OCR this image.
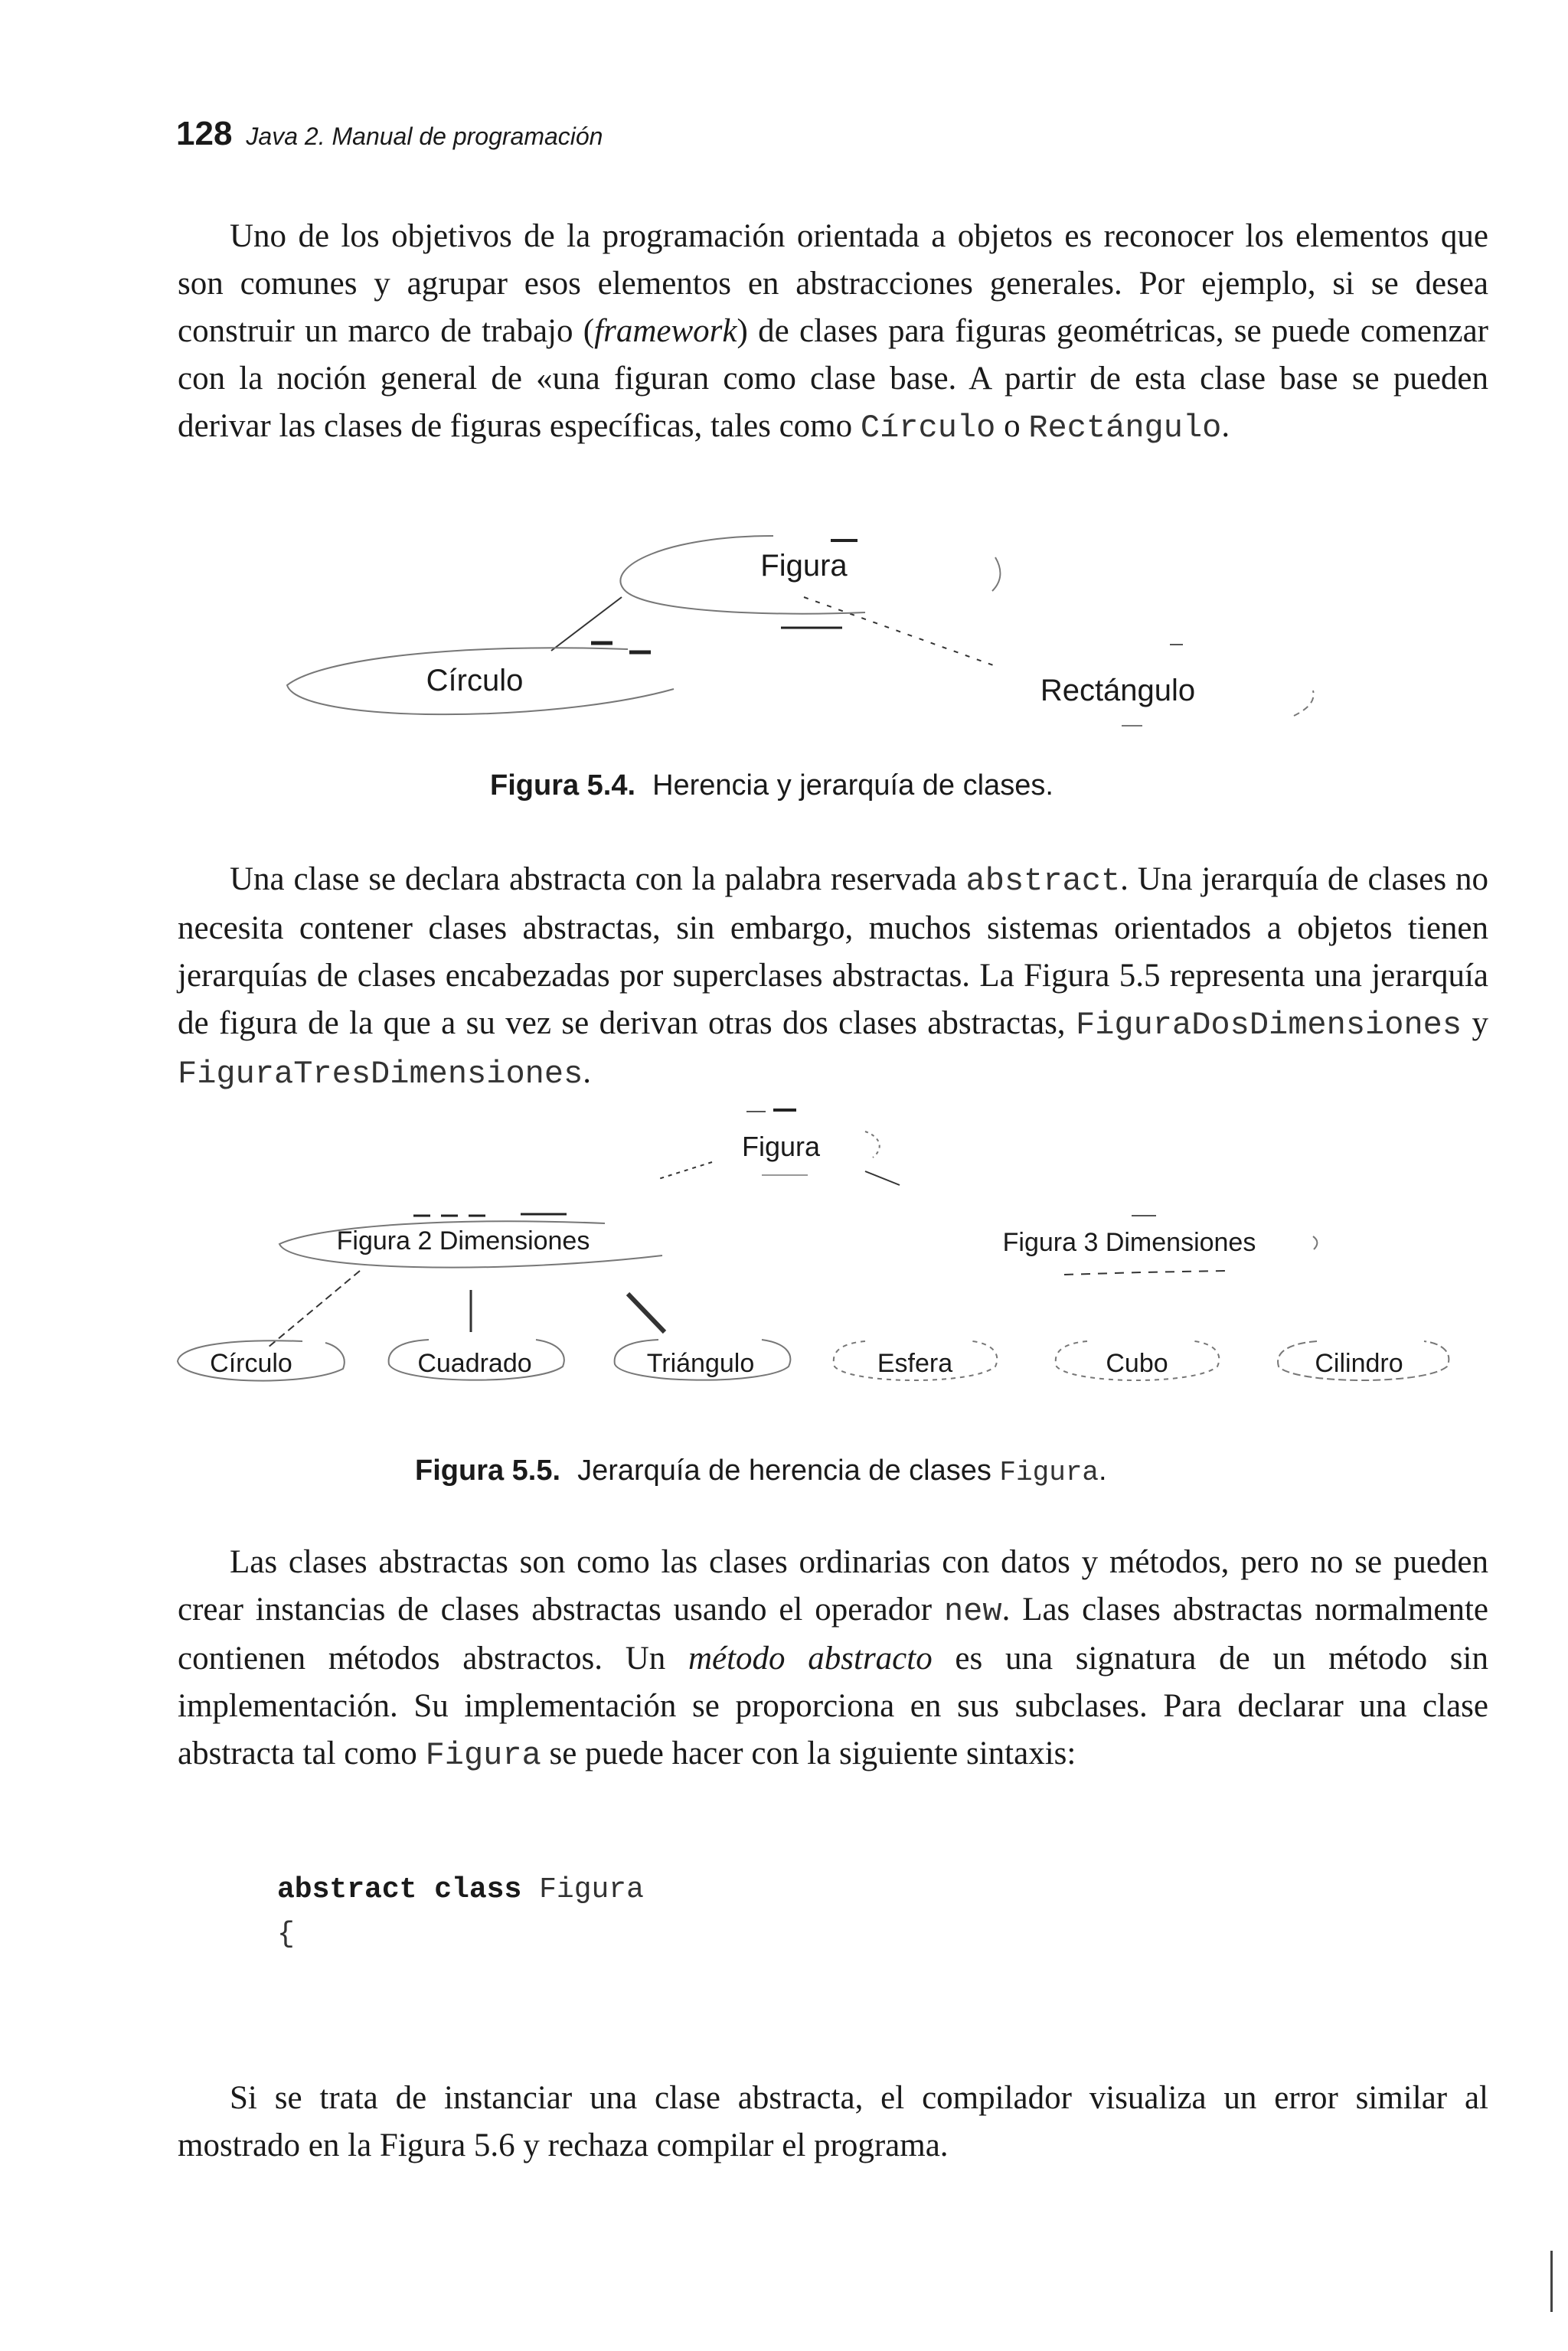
128 Java 2. Manual de programación

Uno de los objetivos de la programación orientada a objetos es reconocer los elementos que son comunes y agrupar esos elementos en abstracciones generales. Por ejemplo, si se desea construir un marco de trabajo (framework) de clases para figuras geométricas, se puede comenzar con la noción general de «una figuran como clase base. A partir de esta clase base se pueden derivar las clases de figuras específicas, tales como Círculo o Rectángulo.

Figura
Círculo	Rectángulo
Figura 5.4. Herencia y jerarquía de clases.

Una clase se declara abstracta con la palabra reservada abstract. Una jerarquía de clases no necesita contener clases abstractas, sin embargo, muchos sistemas orientados a objetos tienen jerarquías de clases encabezadas por superclases abstractas. La Figura 5.5 representa una jerarquía de figura de la que a su vez se derivan otras dos clases abstractas, FiguraDosDimensiones y FiguraTresDimensiones.

Figura
Figura 2 Dimensiones	Figura 3 Dimensiones
Círculo	Cuadrado	Triángulo	Esfera	Cubo	Cilindro
Figura 5.5. Jerarquía de herencia de clases Figura.

Las clases abstractas son como las clases ordinarias con datos y métodos, pero no se pueden crear instancias de clases abstractas usando el operador new. Las clases abstractas normalmente contienen métodos abstractos. Un método abstracto es una signatura de un método sin implementación. Su implementación se proporciona en sus subclases. Para declarar una clase abstracta tal como Figura se puede hacer con la siguiente sintaxis:

abstract class Figura
{

Si se trata de instanciar una clase abstracta, el compilador visualiza un error similar al mostrado en la Figura 5.6 y rechaza compilar el programa.
